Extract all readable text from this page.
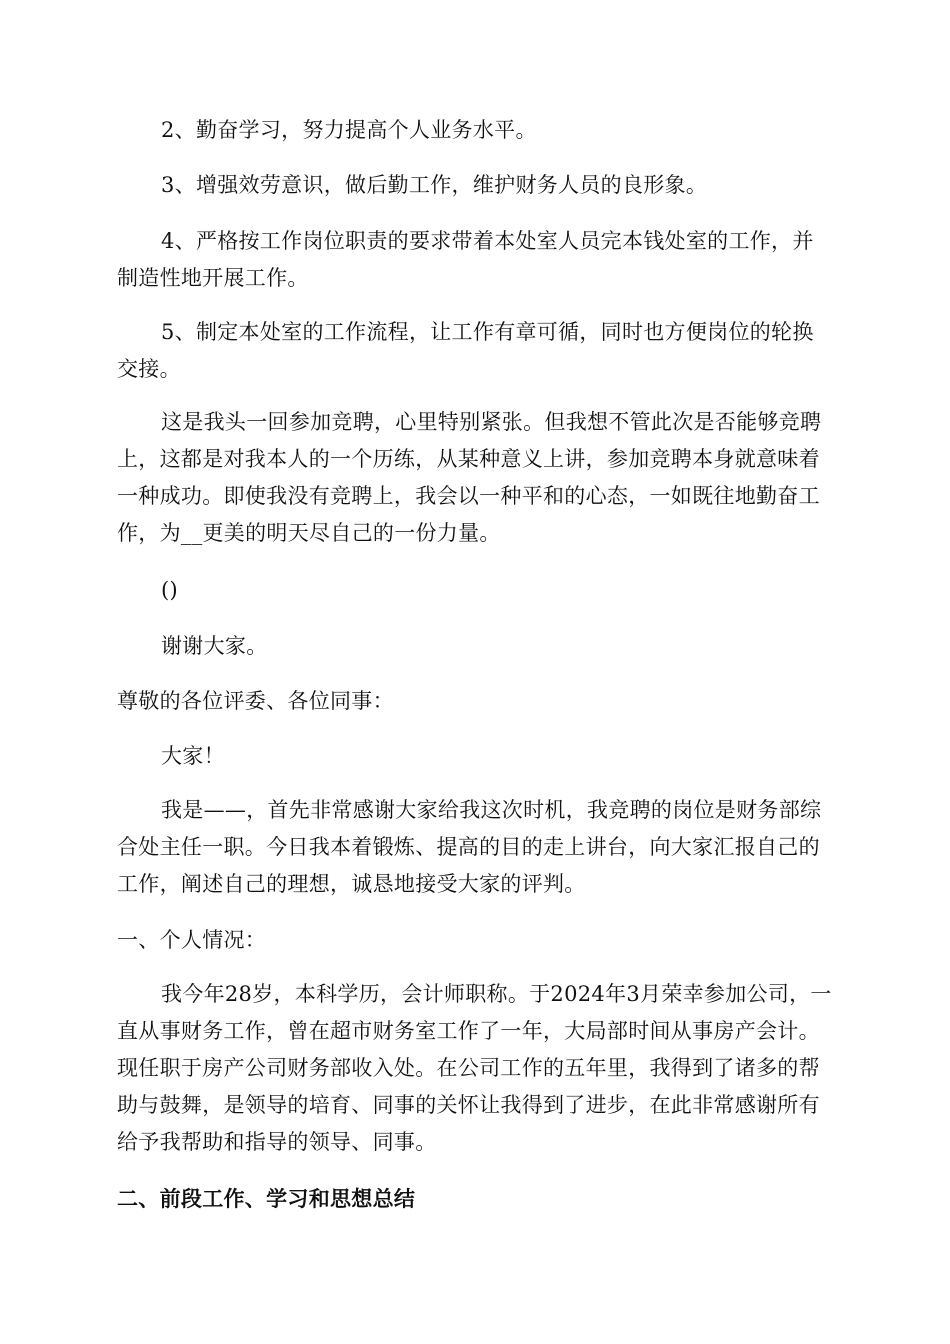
2、勤奋学习，努力提高个人业务水平。

3、增强效劳意识，做后勤工作，维护财务人员的良形象。

4、严格按工作岗位职责的要求带着本处室人员完本钱处室的工作，并制造性地开展工作。

5、制定本处室的工作流程，让工作有章可循，同时也方便岗位的轮换交接。

这是我头一回参加竞聘，心里特别紧张。但我想不管此次是否能够竞聘上，这都是对我本人的一个历练，从某种意义上讲，参加竞聘本身就意味着一种成功。即使我没有竞聘上，我会以一种平和的心态，一如既往地勤奋工作，为__更美的明天尽自己的一份力量。

()

谢谢大家。

尊敬的各位评委、各位同事：

大家！

我是——，首先非常感谢大家给我这次时机，我竞聘的岗位是财务部综合处主任一职。今日我本着锻炼、提高的目的走上讲台，向大家汇报自己的工作，阐述自己的理想，诚恳地接受大家的评判。

一、个人情况：

我今年28岁，本科学历，会计师职称。于2024年3月荣幸参加公司，一直从事财务工作，曾在超市财务室工作了一年，大局部时间从事房产会计。现任职于房产公司财务部收入处。在公司工作的五年里，我得到了诸多的帮助与鼓舞，是领导的培育、同事的关怀让我得到了进步，在此非常感谢所有给予我帮助和指导的领导、同事。

二、前段工作、学习和思想总结
